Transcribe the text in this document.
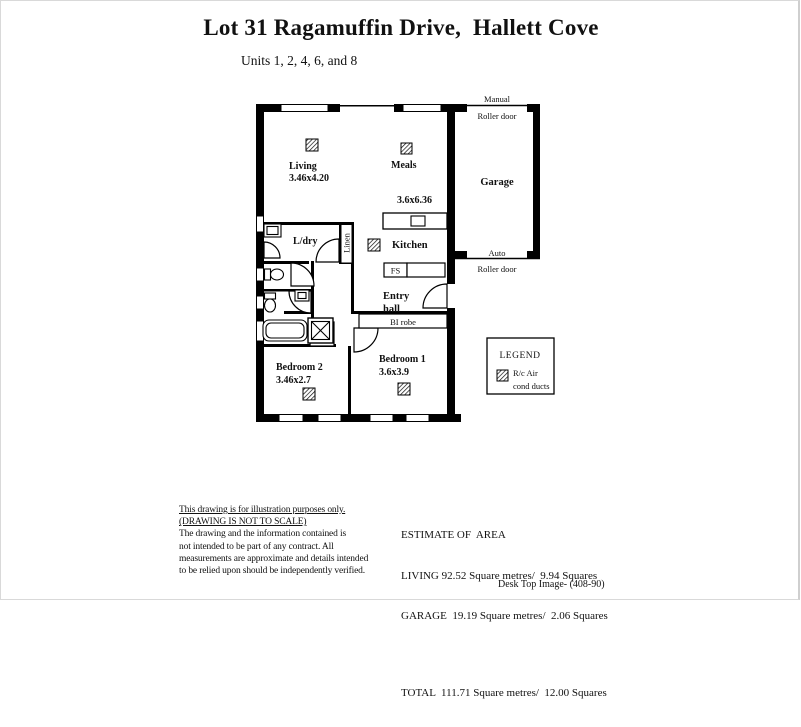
Lot 31 Ragamuffin Drive,  Hallett Cove
Units 1, 2, 4, 6, and 8
Living
3.46x4.20
Meals
3.6x6.36
Garage
Kitchen
L/dry	Linen
FS
Entry
hall
BI robe
Bedroom 1
3.6x3.9
Bedroom 2
3.46x2.7
Manual
Roller door
Auto
Roller door
LEGEND
R/c Air
cond ducts
This drawing is for illustration purposes only.
(DRAWING IS NOT TO SCALE)
The drawing and the information contained is
not intended to be part of any contract. All
measurements are approximate and details intended
to be relied upon should be independently verified.

ESTIMATE OF  AREA

LIVING 92.52 Square metres/  9.94 Squares

GARAGE  19.19 Square metres/  2.06 Squares

TOTAL  111.71 Square metres/  12.00 Squares

Desk Top Image- (408-90)
